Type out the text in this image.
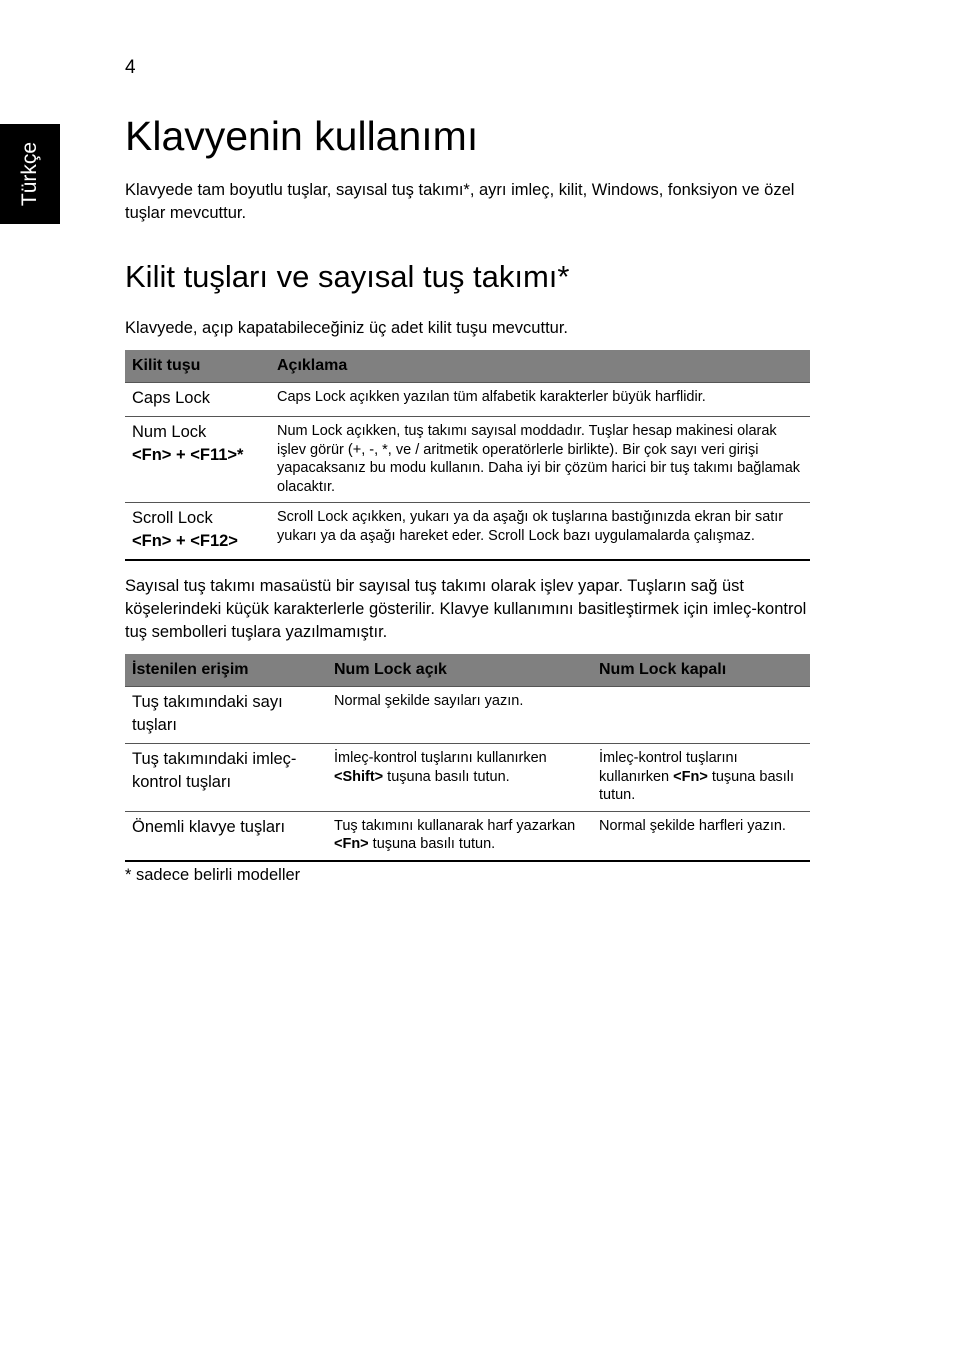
4
Türkçe
Klavyenin kullanımı

Klavyede tam boyutlu tuşlar, sayısal tuş takımı*, ayrı imleç, kilit, Windows, fonksiyon ve özel tuşlar mevcuttur.

Kilit tuşları ve sayısal tuş takımı*

Klavyede, açıp kapatabileceğiniz üç adet kilit tuşu mevcuttur.

Kilit tuşu	Açıklama
Caps Lock	Caps Lock açıkken yazılan tüm alfabetik karakterler büyük harflidir.

Num Lock
<Fn> + <F11>*	Num Lock açıkken, tuş takımı sayısal moddadır. Tuşlar hesap makinesi olarak işlev görür (+, -, *, ve / aritmetik operatörlerle birlikte). Bir çok sayı veri girişi yapacaksanız bu modu kullanın. Daha iyi bir çözüm harici bir tuş takımı bağlamak olacaktır.

Scroll Lock
<Fn> + <F12>	Scroll Lock açıkken, yukarı ya da aşağı ok tuşlarına bastığınızda ekran bir satır yukarı ya da aşağı hareket eder. Scroll Lock bazı uygulamalarda çalışmaz.

Sayısal tuş takımı masaüstü bir sayısal tuş takımı olarak işlev yapar. Tuşların sağ üst köşelerindeki küçük karakterlerle gösterilir. Klavye kullanımını basitleştirmek için imleç-kontrol tuş sembolleri tuşlara yazılmamıştır.

İstenilen erişim	Num Lock açık	Num Lock kapalı
Tuş takımındaki sayı tuşları	Normal şekilde sayıları yazın.	
Tuş takımındaki imleç-kontrol tuşları	İmleç-kontrol tuşlarını kullanırken <Shift> tuşuna basılı tutun.	İmleç-kontrol tuşlarını kullanırken <Fn> tuşuna basılı tutun.
Önemli klavye tuşları	Tuş takımını kullanarak harf yazarkan <Fn> tuşuna basılı tutun.	Normal şekilde harfleri yazın.
* sadece belirli modeller
